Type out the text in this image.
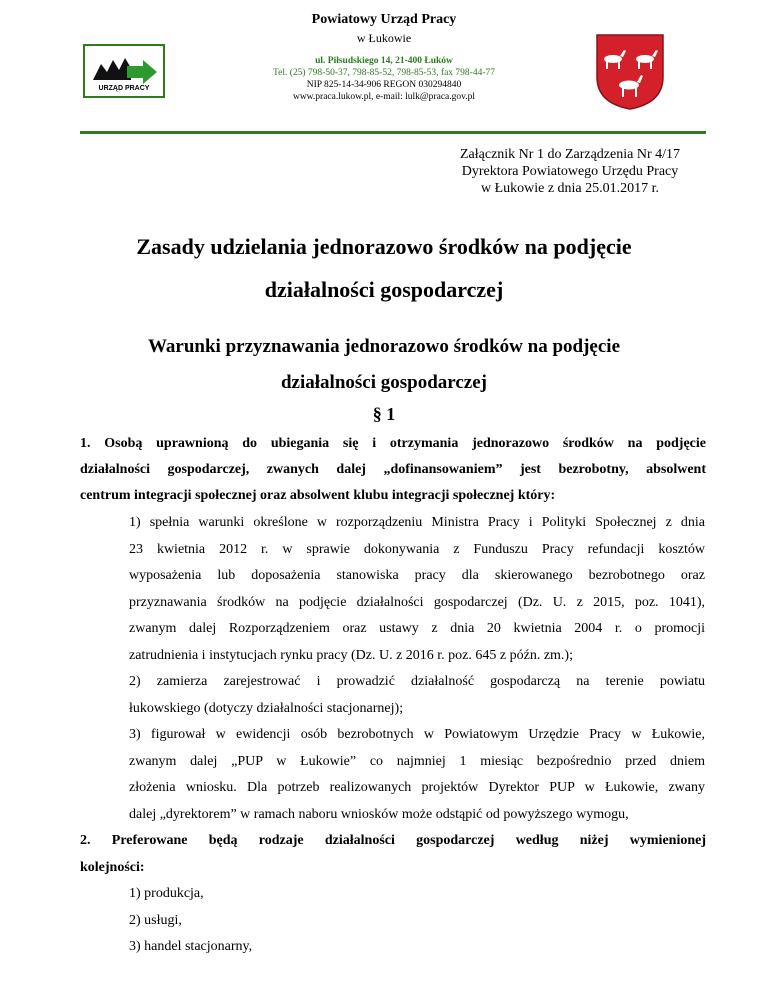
Powiatowy Urząd Pracy
w Łukowie
ul. Piłsudskiego 14, 21-400 Łuków
Tel. (25) 798-50-37, 798-85-52, 798-85-53, fax 798-44-77
NIP 825-14-34-906 REGON 030294840
www.praca.lukow.pl, e-mail: lulk@praca.gov.pl
URZĄD PRACY
Załącznik Nr 1 do Zarządzenia Nr 4/17
Dyrektora Powiatowego Urzędu Pracy
w Łukowie z dnia 25.01.2017 r.
Zasady udzielania jednorazowo środków na podjęcie
działalności gospodarczej
Warunki przyznawania jednorazowo środków na podjęcie
działalności gospodarczej
§ 1
1. Osobą uprawnioną do ubiegania się i otrzymania jednorazowo środków na podjęcie
działalności gospodarczej, zwanych dalej „dofinansowaniem” jest bezrobotny, absolwent
centrum integracji społecznej oraz absolwent klubu integracji społecznej który:
1) spełnia warunki określone w rozporządzeniu Ministra Pracy i Polityki Społecznej z dnia
23 kwietnia 2012 r. w sprawie dokonywania z Funduszu Pracy refundacji kosztów
wyposażenia lub doposażenia stanowiska pracy dla skierowanego bezrobotnego oraz
przyznawania środków na podjęcie działalności gospodarczej (Dz. U. z 2015, poz. 1041),
zwanym dalej Rozporządzeniem oraz ustawy z dnia 20 kwietnia 2004 r. o promocji
zatrudnienia i instytucjach rynku pracy (Dz. U. z 2016 r. poz. 645 z późn. zm.);
2) zamierza zarejestrować i prowadzić działalność gospodarczą na terenie powiatu
łukowskiego (dotyczy działalności stacjonarnej);
3) figurował w ewidencji osób bezrobotnych w Powiatowym Urzędzie Pracy w Łukowie,
zwanym dalej „PUP w Łukowie” co najmniej 1 miesiąc bezpośrednio przed dniem
złożenia wniosku. Dla potrzeb realizowanych projektów Dyrektor PUP w Łukowie, zwany
dalej „dyrektorem” w ramach naboru wniosków może odstąpić od powyższego wymogu,
2. Preferowane będą rodzaje działalności gospodarczej według niżej wymienionej
kolejności:
1) produkcja,
2) usługi,
3) handel stacjonarny,
